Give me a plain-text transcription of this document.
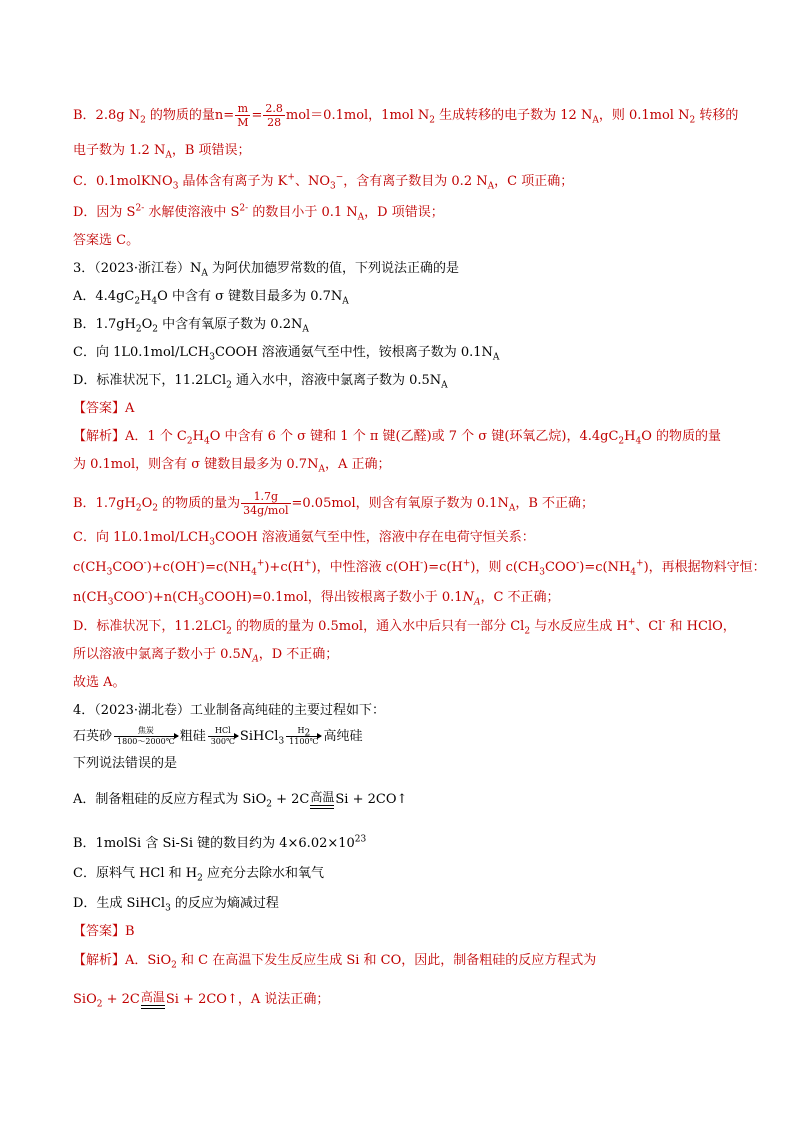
B．2.8g $N_2$ 的物质的量$n= \frac{m}{M} = \frac{2.8}{28} mol=0.1mol$，1mol $N_2$ 生成转移的电子数为 12 $N_A$，则 0.1mol $N_2$ 转移的
电子数为 1.2 $N_A$，B 项错误；
C．0.1molKNO$_3$ 晶体含有离子为 K+、$NO_3^-$，含有离子数目为 0.2 $N_A$，C 项正确；
D．因为 $S^{2-}$ 水解使溶液中 $S^{2-}$ 的数目小于 0.1 $N_A$，D 项错误；
答案选 C。
3．（2023·浙江卷）$N_A$ 为阿伏加德罗常数的值，下列说法正确的是
A．$4.4gC_2H_4O$ 中含有 σ 键数目最多为 $0.7N_A$
B．$1.7gH_2O_2$ 中含有氧原子数为 $0.2N_A$
C．向 $1L0.1mol/LCH_3COOH$ 溶液通氨气至中性，铵根离子数为 $0.1N_A$
D．标准状况下，11.2LCl$_2$ 通入水中，溶液中氯离子数为 $0.5N_A$
【答案】A
【解析】A．1 个 $C_2H_4O$ 中含有 6 个 σ 键和 1 个 π 键(乙醛)或 7 个 σ 键(环氧乙烷)，$4.4gC_2H_4O$ 的物质的量
为 0.1mol，则含有 σ 键数目最多为 $0.7N_A$，A 正确；
B．$1.7gH_2O_2$ 的物质的量为 $\frac{1.7g}{\text{34g/mol}} =0.05mol$，则含有氧原子数为 $0.1N_A$，B 不正确；
C．向 $1L0.1mol/LCH_3COOH$ 溶液通氨气至中性，溶液中存在电荷守恒关系：
$c(CH_3COO^-)+c(OH^-)=c(NH_4^+)+c(H^+)$，中性溶液 c(OH-)=c(H+)，则 $c(CH_3COO^-)=c(NH_4^+)$，再根据物料守恒：
$n(CH_3COO^-)+n(CH_3COOH)=0.1mol$，得出铵根离子数小于 $0.1N_A$，C 不正确；
D．标准状况下，11.2LCl$_2$ 的物质的量为 0.5mol，通入水中后只有一部分 $Cl_2$ 与水反应生成 H+、Cl- 和 HClO，
所以溶液中氯离子数小于 $0.5N_A$，D 不正确；
故选 A。
4．（2023·湖北卷）工业制备高纯硅的主要过程如下：
石英砂	焦炭
1800～2000℃ 粗硅	HCl
300℃ SiHCl$_3$ $\frac{H_2}{1100℃}$ 高纯硅
下列说法错误的是
A．制备粗硅的反应方程式为 SiO$_2$ + 2C 高温 Si + 2CO↑
B．1molSi 含 Si-Si 键的数目约为 $4\times 6.02\times 10^{23}$
C．原料气 HCl 和 $H_2$ 应充分去除水和氧气
D．生成 SiHCl$_3$ 的反应为熵减过程
【答案】B
【解析】A．SiO$_2$ 和 C 在高温下发生反应生成 Si 和 CO，因此，制备粗硅的反应方程式为
SiO$_2$ + 2C 高温 Si + 2CO↑，A 说法正确；
